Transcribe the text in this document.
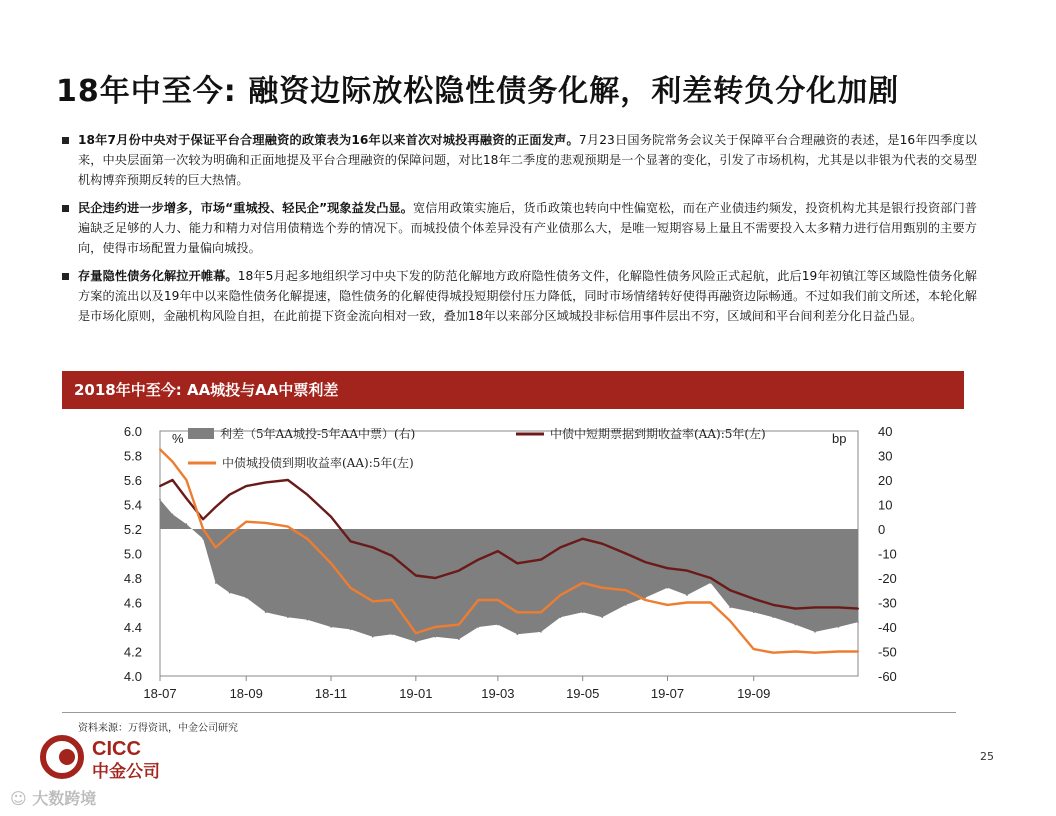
18年中至今: 融资边际放松隐性债务化解，利差转负分化加剧
18年7月份中央对于保证平台合理融资的政策表为16年以来首次对城投再融资的正面发声。7月23日国务院常务会议关于保障平台合理融资的表述，是16年四季度以来，中央层面第一次较为明确和正面地提及平台合理融资的保障问题，对比18年二季度的悲观预期是一个显著的变化，引发了市场机构，尤其是以非银为代表的交易型机构博弈预期反转的巨大热情。
民企违约进一步增多，市场“重城投、轻民企”现象益发凸显。宽信用政策实施后，货币政策也转向中性偏宽松，而在产业债违约频发，投资机构尤其是银行投资部门普遍缺乏足够的人力、能力和精力对信用债精选个券的情况下。而城投债个体差异没有产业债那么大，是唯一短期容易上量且不需要投入太多精力进行信用甄别的主要方向，使得市场配置力量偏向城投。
存量隐性债务化解拉开帷幕。18年5月起多地组织学习中央下发的防范化解地方政府隐性债务文件，化解隐性债务风险正式起航，此后19年初镇江等区域隐性债务化解方案的流出以及19年中以来隐性债务化解提速，隐性债务的化解使得城投短期偿付压力降低，同时市场情绪转好使得再融资边际畅通。不过如我们前文所述，本轮化解是市场化原则，金融机构风险自担，在此前提下资金流向相对一致，叠加18年以来部分区域城投非标信用事件层出不穷，区域间和平台间利差分化日益凸显。
2018年中至今: AA城投与AA中票利差
6.0
5.8
5.6
5.4
5.2
5.0
4.8
4.6
4.4
4.2
4.0
40
30
20
10
0
-10
-20
-30
-40
-50
-60
%	bp
18-07	18-09	18-11	19-01	19-03	19-05	19-07	19-09
利差（5年AA城投-5年AA中票）(右)	中债中短期票据到期收益率(AA):5年(左)
中债城投债到期收益率(AA):5年(左)
资料来源：万得资讯，中金公司研究
CICC
中金公司
☺ 大数跨境
25
